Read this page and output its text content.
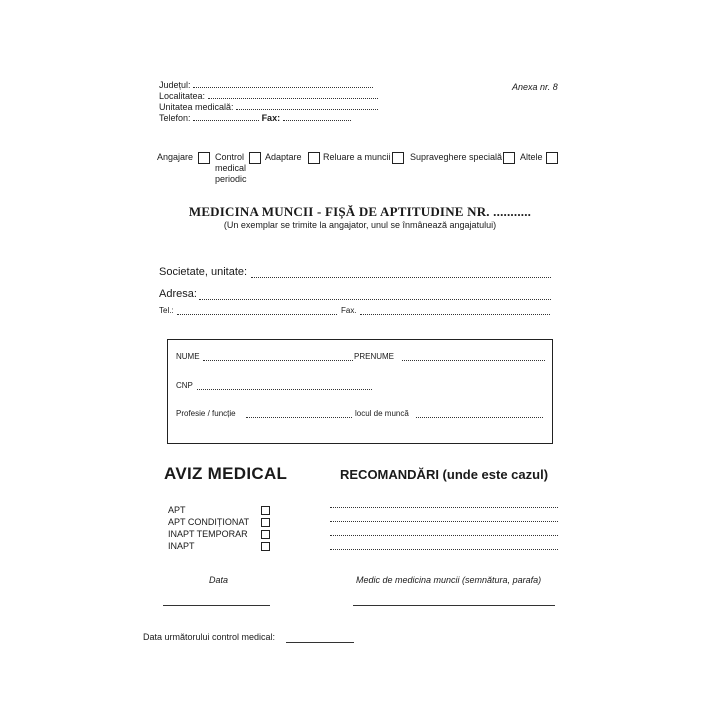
Județul:
Localitatea:
Unitatea medicală:
Telefon:	Fax:
Anexa nr. 8
Angajare Control medical periodic
Adaptare Reluare a muncii Supraveghere specială Altele
MEDICINA MUNCII - FIȘĂ DE APTITUDINE NR. ...........
(Un exemplar se trimite la angajator, unul se înmânează angajatului)
Societate, unitate:
Adresa:
Tel.:	Fax.
NUME	PRENUME
CNP
Profesie / funcție	locul de muncă
AVIZ MEDICAL	RECOMANDĂRI (unde este cazul)
APT
APT CONDIȚIONAT
INAPT TEMPORAR
INAPT
Data	Medic de medicina muncii (semnătura, parafa)
Data următorului control medical:
